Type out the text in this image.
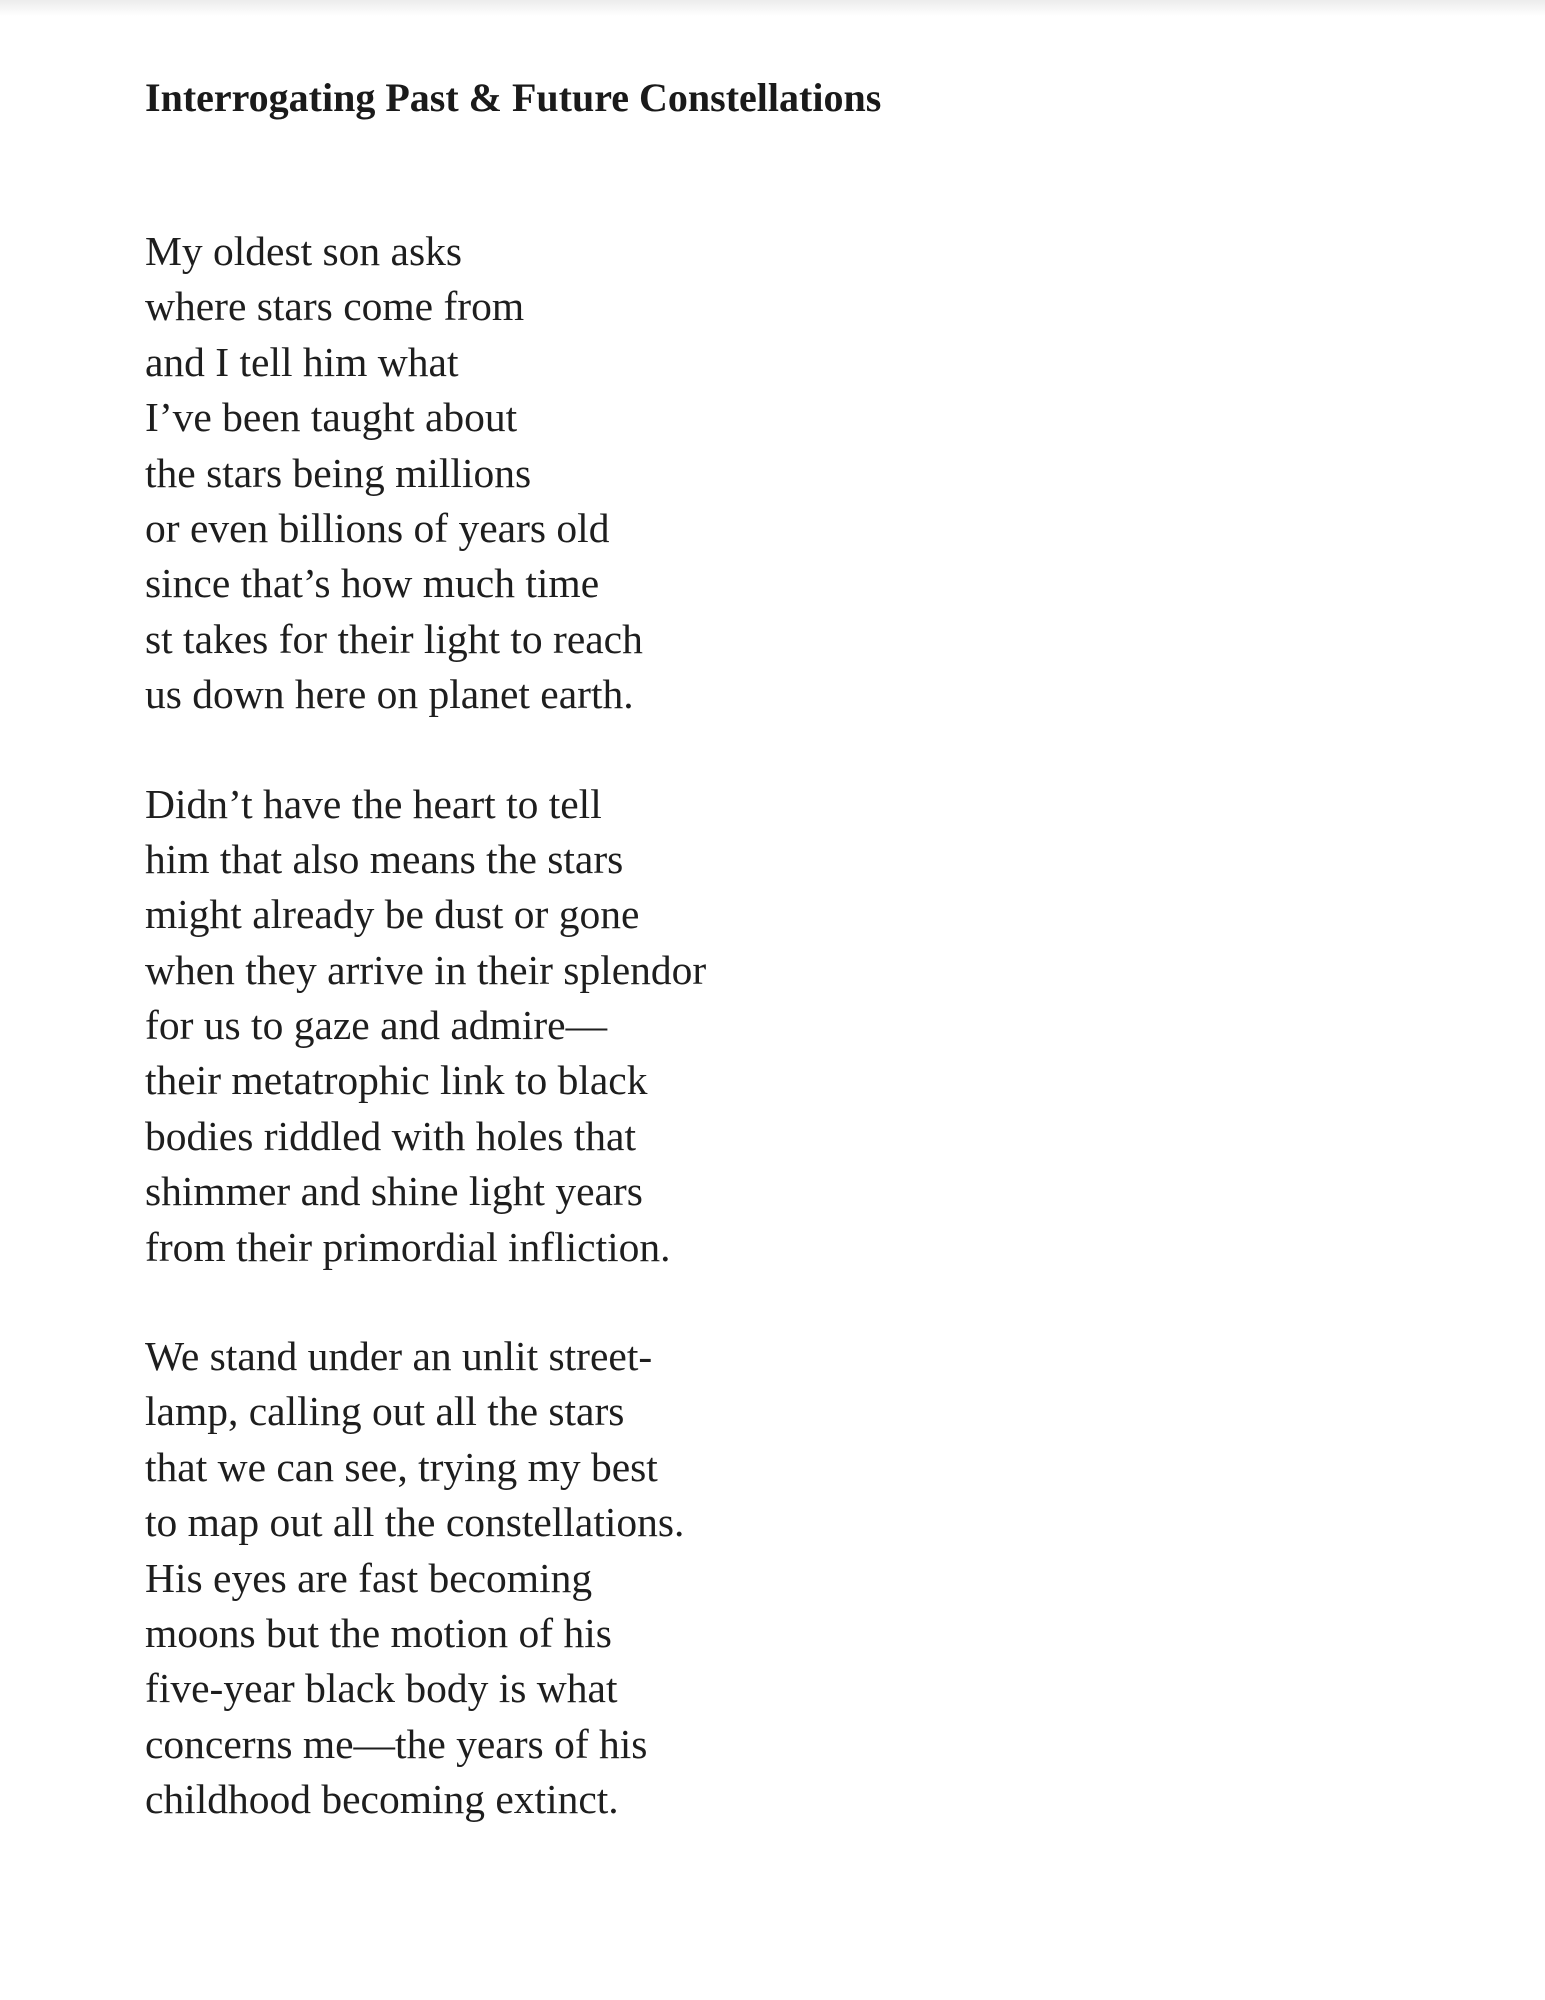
Interrogating Past & Future Constellations
My oldest son asks
where stars come from
and I tell him what
I’ve been taught about
the stars being millions
or even billions of years old
since that’s how much time
st takes for their light to reach
us down here on planet earth.
Didn’t have the heart to tell
him that also means the stars
might already be dust or gone
when they arrive in their splendor
for us to gaze and admire—
their metatrophic link to black
bodies riddled with holes that
shimmer and shine light years
from their primordial infliction.
We stand under an unlit street-
lamp, calling out all the stars
that we can see, trying my best
to map out all the constellations.
His eyes are fast becoming
moons but the motion of his
five-year black body is what
concerns me—the years of his
childhood becoming extinct.
